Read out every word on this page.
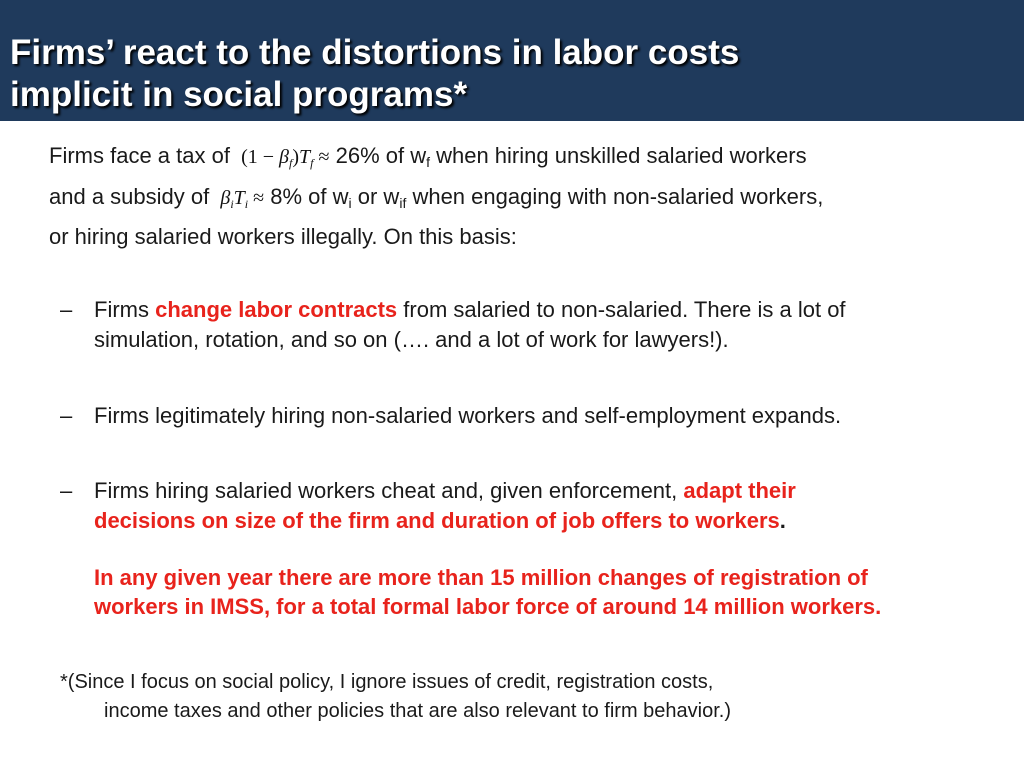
Firms’ react to the distortions in labor costs
implicit in social programs*
Firms face a tax of  $(1 - \beta_f)T_f \approx 26\%$ of $w_f$ when hiring unskilled salaried workers
and a subsidy of $\beta_iT_i \approx 8\%$ of $w_i$ or $w_{if}$ when engaging with non-salaried workers,
or hiring salaried workers illegally. On this basis:
– Firms change labor contracts from salaried to non-salaried. There is a lot of
simulation, rotation, and so on (…. and a lot of work for lawyers!).
– Firms legitimately hiring non-salaried workers and self-employment expands.
– Firms hiring salaried workers cheat and, given enforcement, adapt their
decisions on size of the firm and duration of job offers to workers.
In any given year there are more than 15 million changes of registration of
workers in IMSS, for a total formal labor force of around 14 million workers.
*(Since I focus on social policy, I ignore issues of credit, registration costs,
income taxes and other policies that are also relevant to firm behavior.)
